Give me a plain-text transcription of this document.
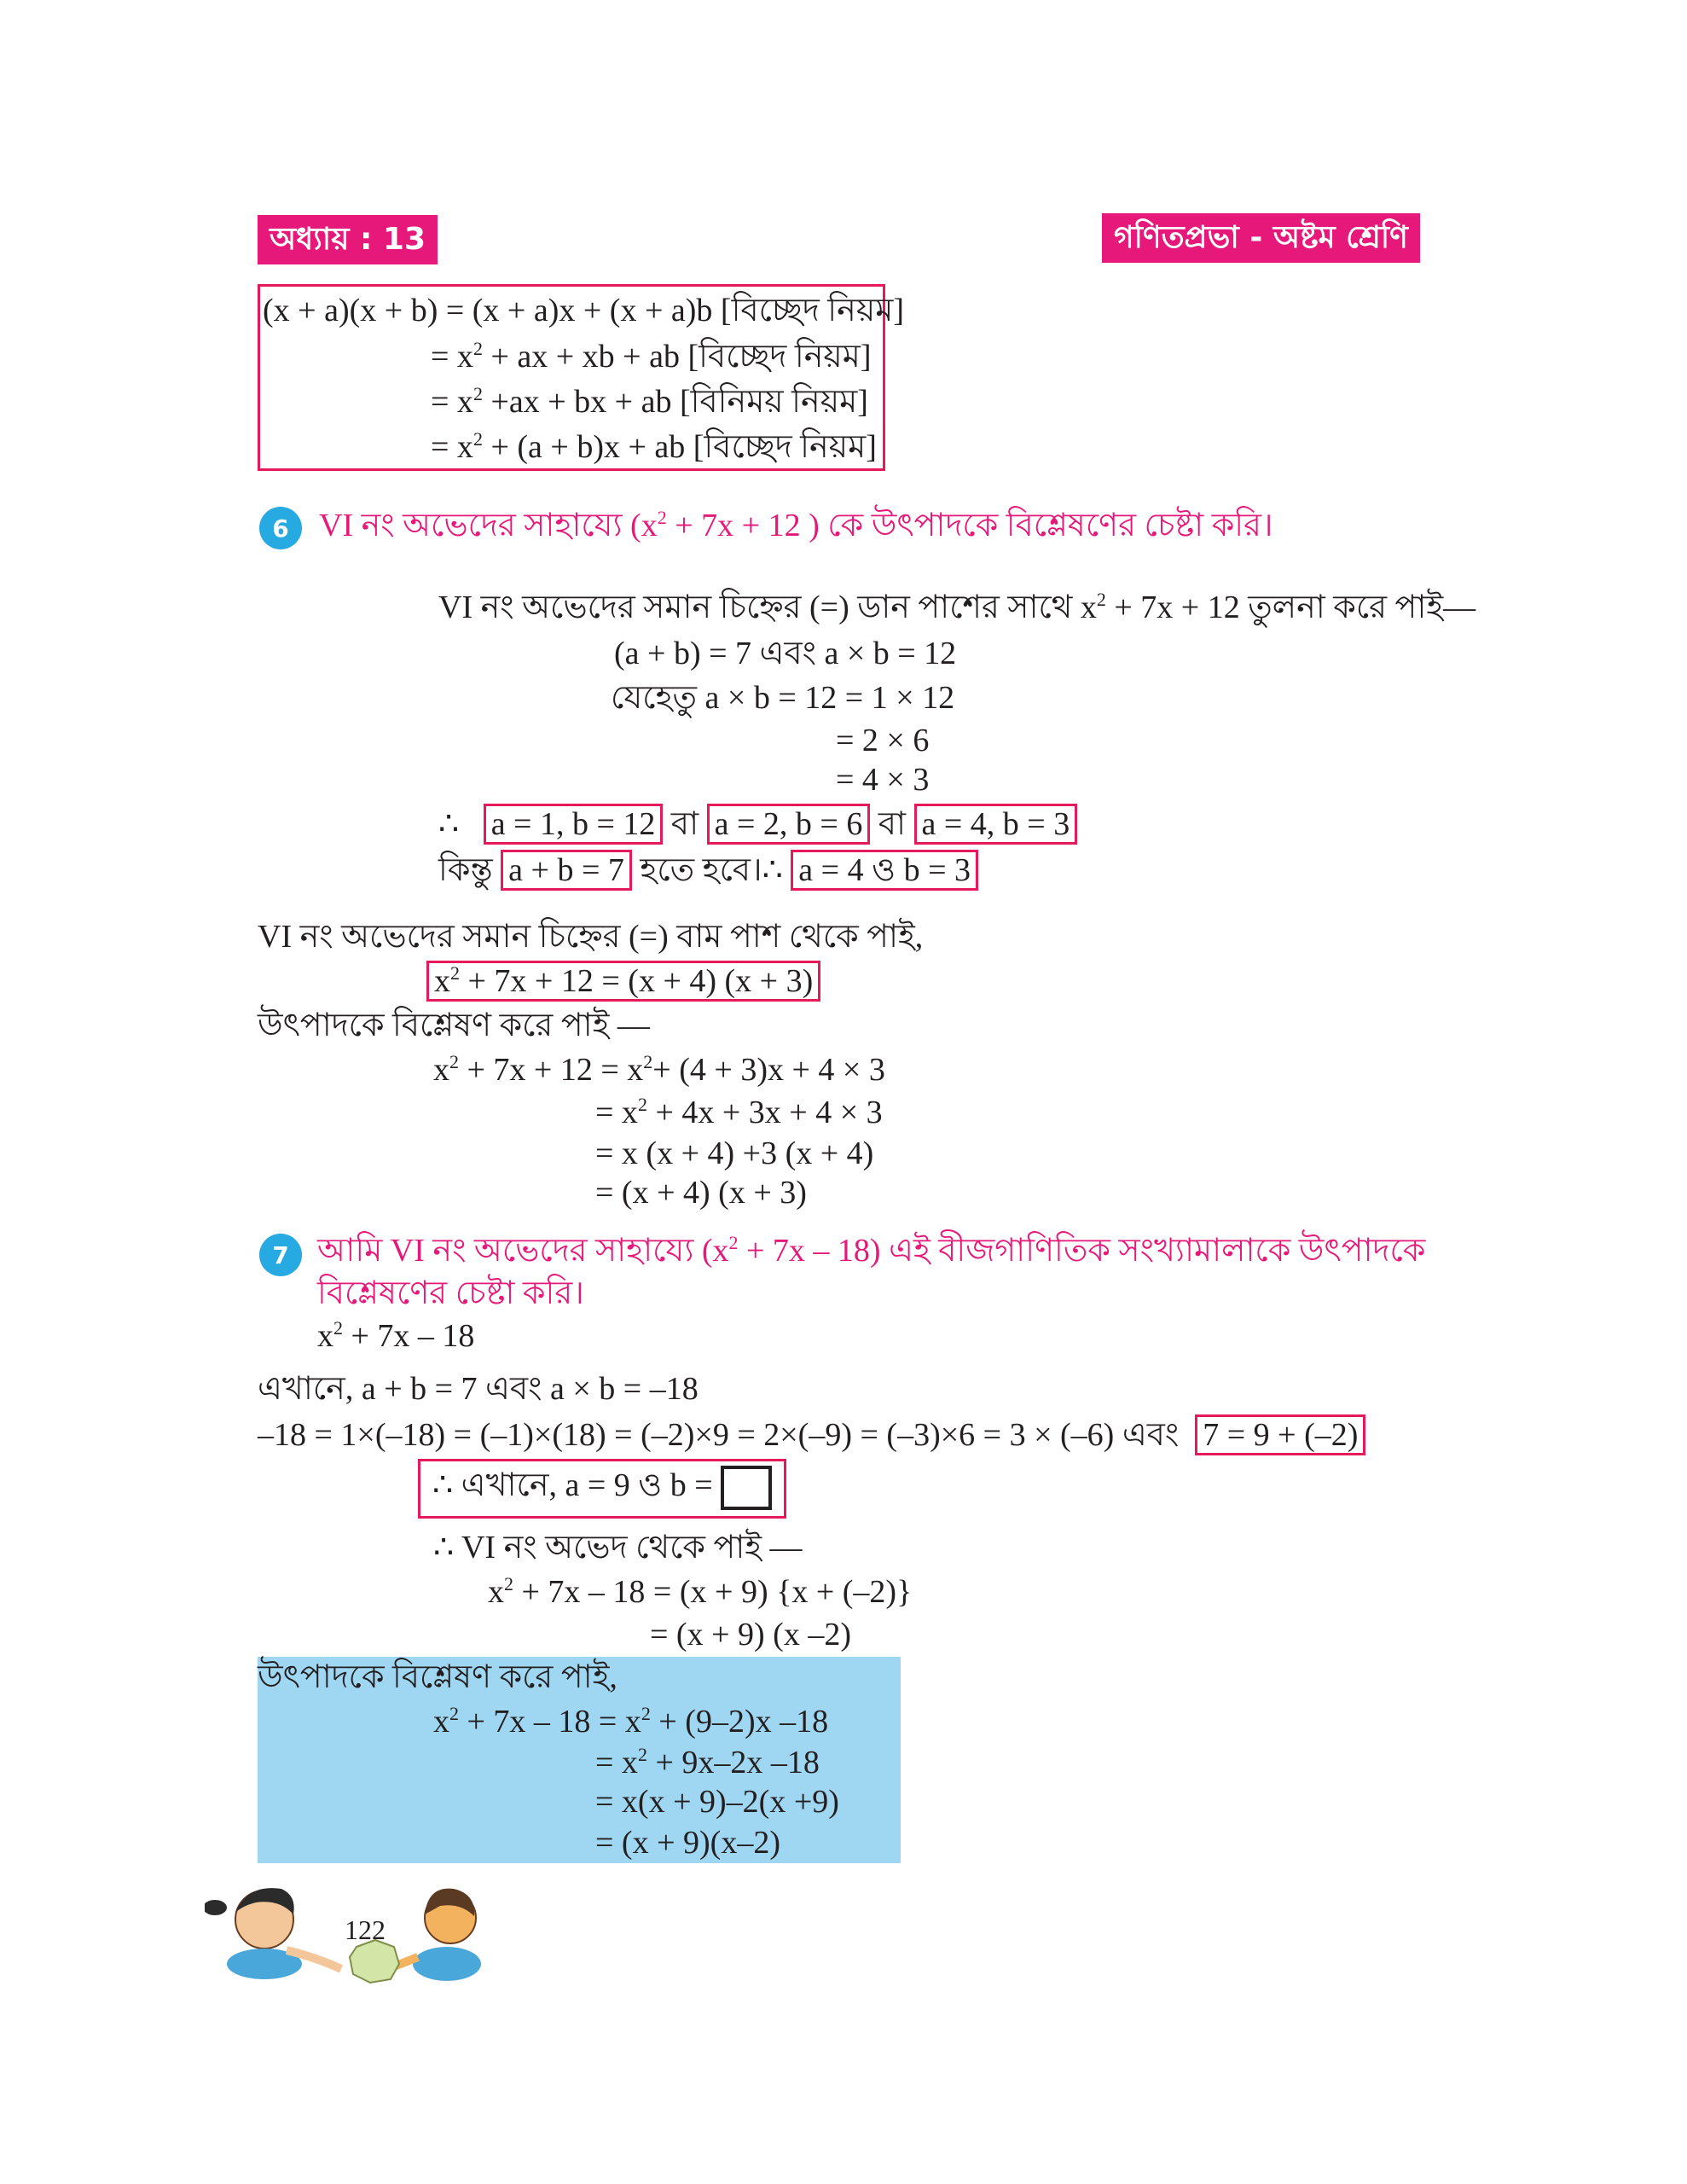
অধ্যায় : 13	গণিতপ্রভা - অষ্টম শ্রেণি
(x + a)(x + b) = (x + a)x + (x + a)b [বিচ্ছেদ নিয়ম]
= $x^2$ + ax + xb + ab [বিচ্ছেদ নিয়ম]
= $x^2 +ax$ + bx + ab [বিনিময় নিয়ম]
= $x^2 + (a + b)x$ + ab [বিচ্ছেদ নিয়ম]
6 VI নং অভেদের সাহায্যে ($x^2 + 7x + 12$ ) কে উৎপাদকে বিশ্লেষণের চেষ্টা করি।
VI নং অভেদের সমান চিহ্নের (=) ডান পাশের সাথে $x^2 + 7x + 12$ তুলনা করে পাই—
(a + b) = 7 এবং a × b = 12
যেহেতু a × b = 12 = 1 × 12
= 2 × 6
= 4 × 3
∴ a = 1, b = 12 বা a = 2, b = 6 বা a = 4, b = 3
কিন্তু a + b = 7 হতে হবে।∴ a = 4 ও b = 3
VI নং অভেদের সমান চিহ্নের (=) বাম পাশ থেকে পাই,
$x^2 + 7x + 12 = (x + 4) (x + 3)$
উৎপাদকে বিশ্লেষণ করে পাই —
$x^2 + 7x + 12 = x^2+ (4 + 3)x + 4 \times 3$
= $x^2 + 4x + 3x + 4 \times 3$
= x (x + 4) +3 (x + 4)
= (x + 4) (x + 3)
7 আমি VI নং অভেদের সাহায্যে $(x^2 + 7x - 18)$ এই বীজগাণিতিক সংখ্যামালাকে উৎপাদকে
বিশ্লেষণের চেষ্টা করি।
$x^2 + 7x - 18$
এখানে, a + b = 7 এবং a × b = –18
–18 = 1×(–18) = (–1)×(18) = (–2)×9 = 2×(–9) = (–3)×6 = 3 × (–6) এবং 7 = 9 + (–2)
∴ এখানে, a = 9 ও b =
∴ VI নং অভেদ থেকে পাই —
$x^2 + 7x - 18 = (x + 9) \{x + (-2)\}$
= (x + 9) (x –2)
উৎপাদকে বিশ্লেষণ করে পাই,
$x^2 + 7x - 18 = x^2 + (9-2)x$ –18
= $x^2 + 9x-2x$ –18
= x(x + 9)–2(x +9)
= (x + 9)(x–2)
122
